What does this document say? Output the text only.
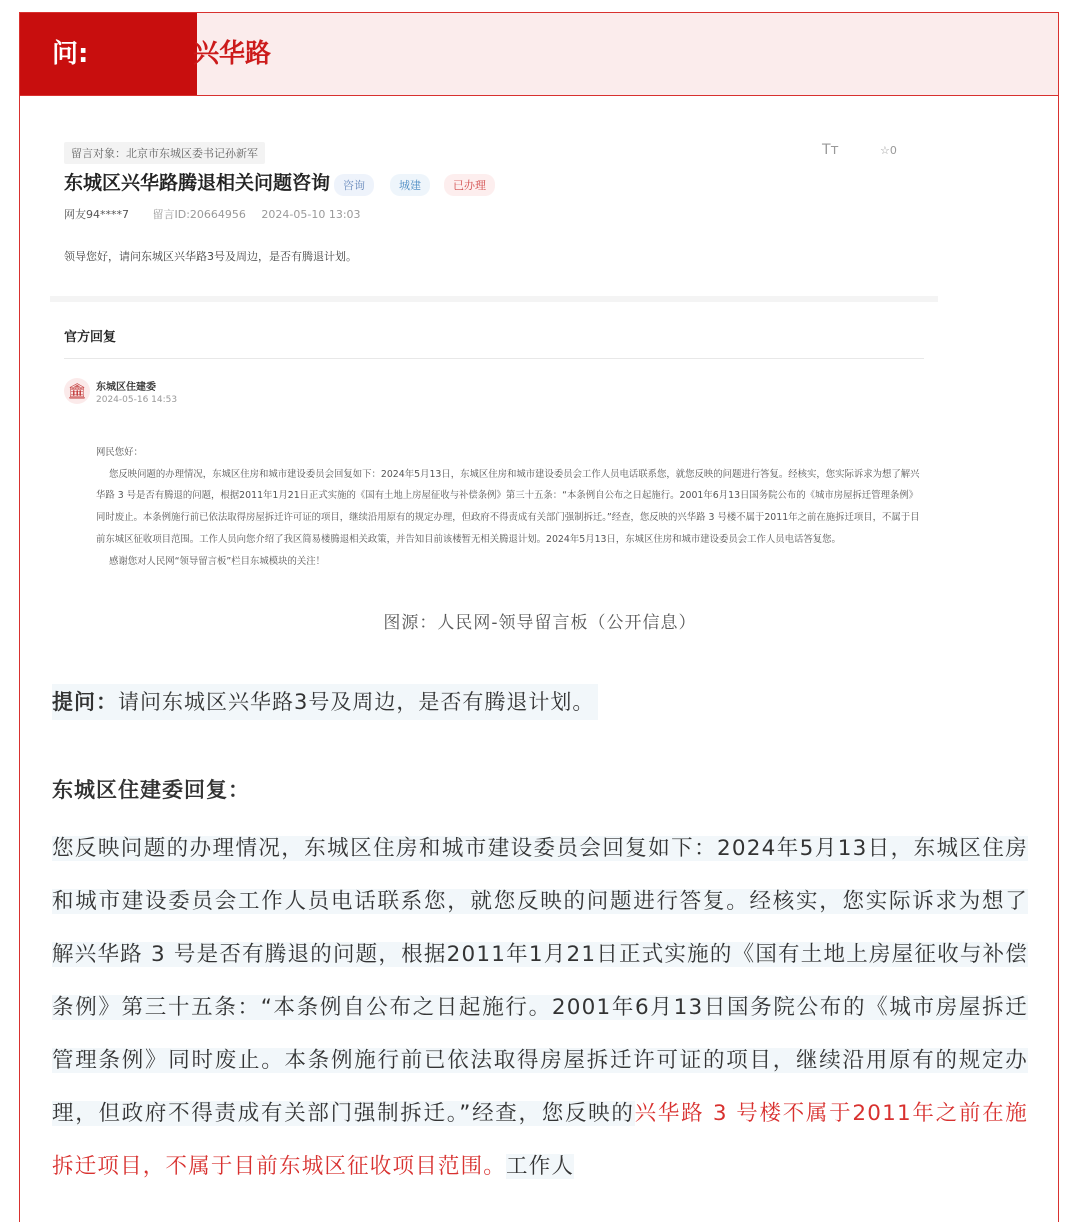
问:	兴华路
留言对象：北京市东城区委书记孙新军	Tт	☆0
东城区兴华路腾退相关问题咨询	咨询	城建	已办理
网友94****7 留言ID:20664956 2024-05-10 13:03
领导您好，请问东城区兴华路3号及周边，是否有腾退计划。
官方回复
🏛 东城区住建委
2024-05-16 14:53

网民您好：

您反映问题的办理情况，东城区住房和城市建设委员会回复如下：2024年5月13日，东城区住房和城市建设委员会工作人员电话联系您，就您反映的问题进行答复。经核实，您实际诉求为想了解兴华路 3 号是否有腾退的问题，根据2011年1月21日正式实施的《国有土地上房屋征收与补偿条例》第三十五条：“本条例自公布之日起施行。2001年6月13日国务院公布的《城市房屋拆迁管理条例》同时废止。本条例施行前已依法取得房屋拆迁许可证的项目，继续沿用原有的规定办理，但政府不得责成有关部门强制拆迁。”经查，您反映的兴华路 3 号楼不属于2011年之前在施拆迁项目，不属于目前东城区征收项目范围。工作人员向您介绍了我区简易楼腾退相关政策，并告知目前该楼暂无相关腾退计划。2024年5月13日，东城区住房和城市建设委员会工作人员电话答复您。

感谢您对人民网“领导留言板”栏目东城模块的关注！

图源：人民网-领导留言板（公开信息）
提问：请问东城区兴华路3号及周边，是否有腾退计划。
东城区住建委回复：
您反映问题的办理情况，东城区住房和城市建设委员会回复如下：2024年5月13日，东城区住房和城市建设委员会工作人员电话联系您，就您反映的问题进行答复。经核实，您实际诉求为想了解兴华路 3 号是否有腾退的问题，根据2011年1月21日正式实施的《国有土地上房屋征收与补偿条例》第三十五条：“本条例自公布之日起施行。2001年6月13日国务院公布的《城市房屋拆迁管理条例》同时废止。本条例施行前已依法取得房屋拆迁许可证的项目，继续沿用原有的规定办理，但政府不得责成有关部门强制拆迁。”经查，您反映的兴华路 3 号楼不属于2011年之前在施拆迁项目，不属于目前东城区征收项目范围。工作人
